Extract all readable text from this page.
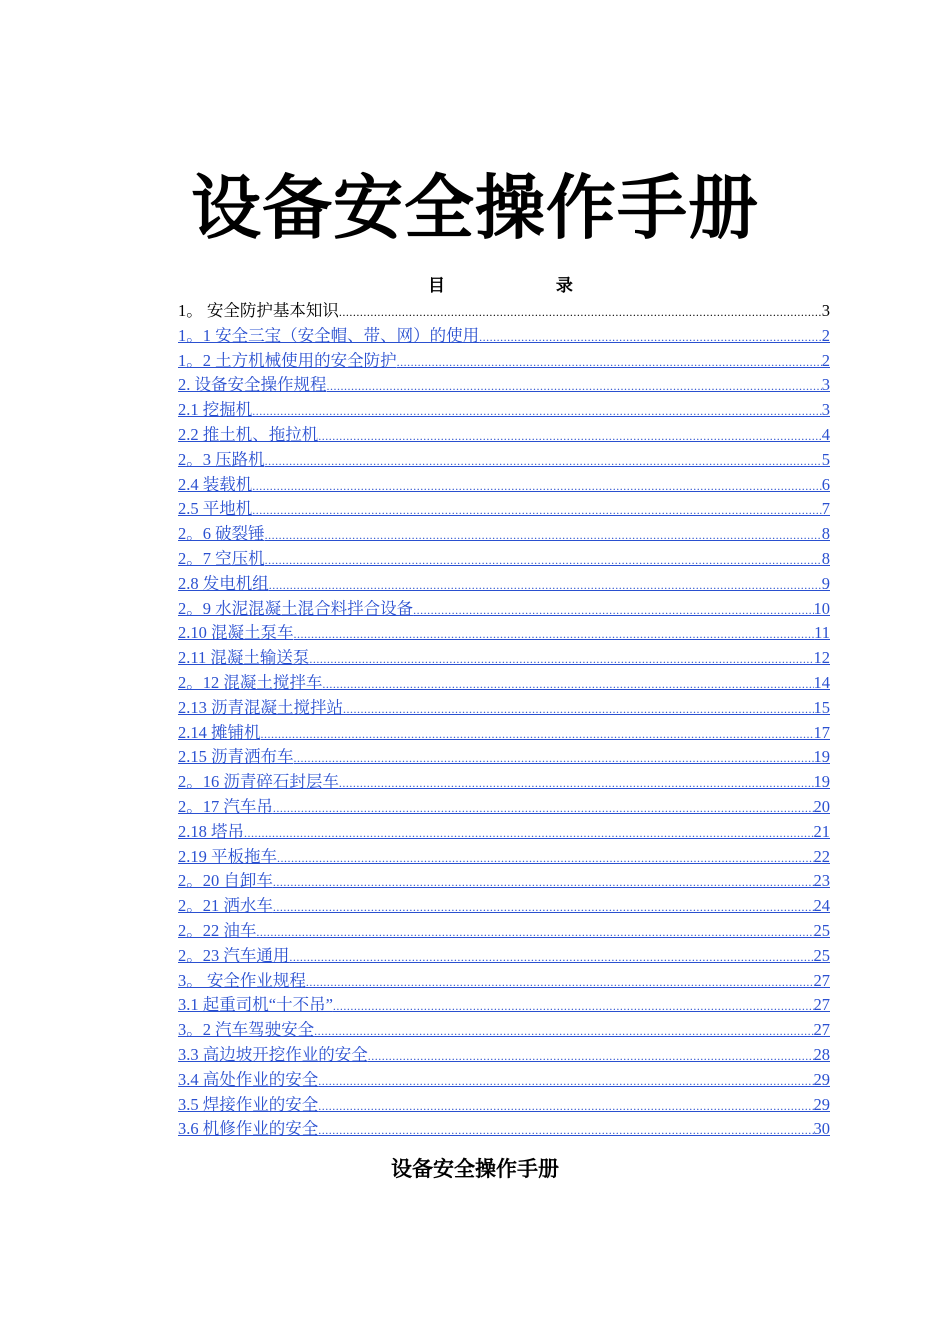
设备安全操作手册
目 录
1。 安全防护基本知识 .....	3
1。1 安全三宝（安全帽、带、网）的使用 .....	2
1。2 土方机械使用的安全防护 .....	2
2. 设备安全操作规程 .....	3
2.1 挖掘机 .....	3
2.2 推土机、拖拉机 .....	4
2。3 压路机 .....	5
2.4 装载机 .....	6
2.5 平地机 .....	7
2。6 破裂锤 .....	8
2。7 空压机 .....	8
2.8 发电机组 .....	9
2。9 水泥混凝土混合料拌合设备 .....	10
2.10 混凝土泵车 .....	11
2.11 混凝土输送泵 .....	12
2。12 混凝土搅拌车 .....	14
2.13 沥青混凝土搅拌站 .....	15
2.14 摊铺机 .....	17
2.15 沥青洒布车 .....	19
2。16 沥青碎石封层车 .....	19
2。17 汽车吊 .....	20
2.18 塔吊 .....	21
2.19 平板拖车 .....	22
2。20 自卸车 .....	23
2。21 洒水车 .....	24
2。22 油车 .....	25
2。23 汽车通用 .....	25
3。 安全作业规程 .....	27
3.1 起重司机“十不吊” .....	27
3。2 汽车驾驶安全 .....	27
3.3 高边坡开挖作业的安全 .....	28
3.4 高处作业的安全 .....	29
3.5 焊接作业的安全 .....	29
3.6 机修作业的安全 .....	30
设备安全操作手册
